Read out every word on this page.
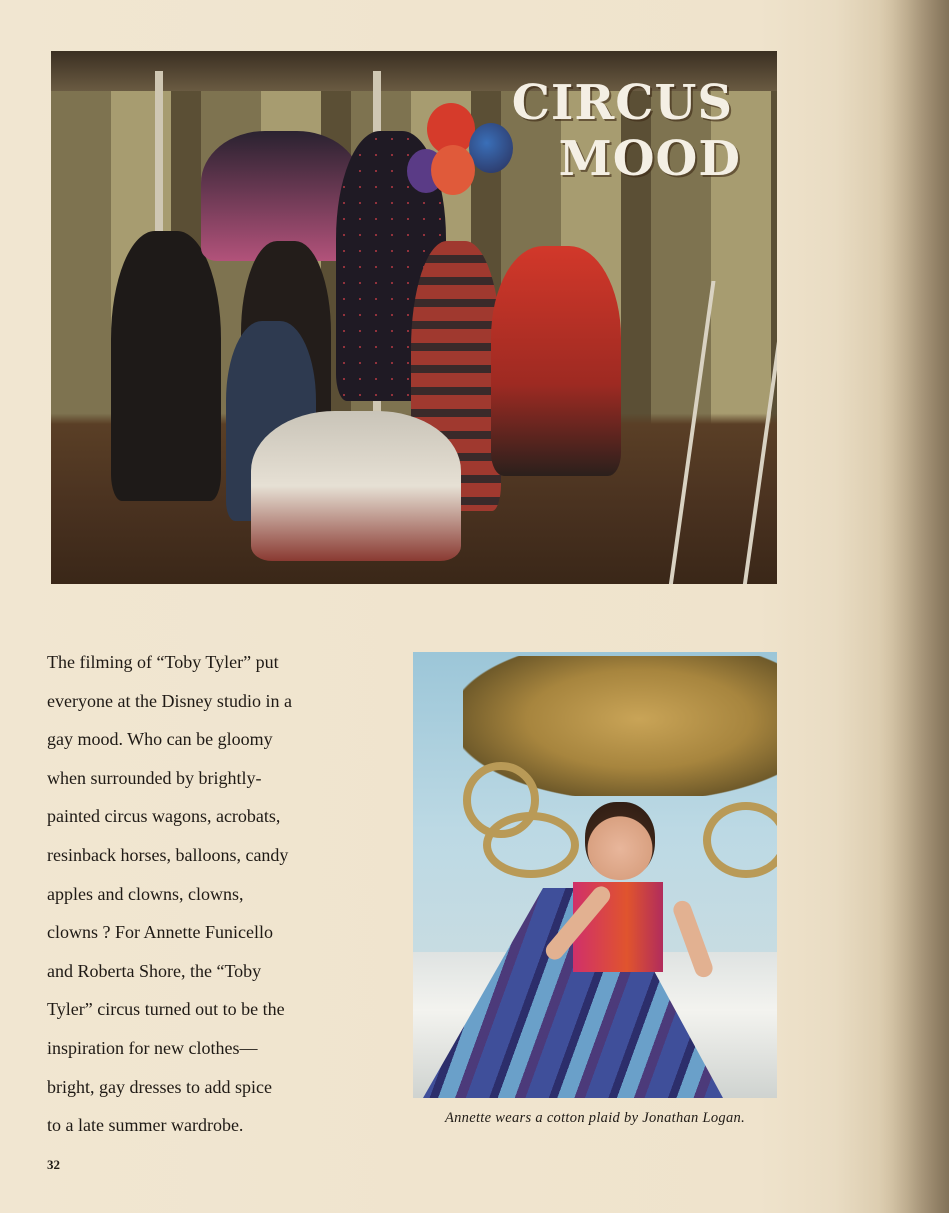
CIRCUS
MOOD
The filming of “Toby Tyler” put
everyone at the Disney studio in a
gay mood. Who can be gloomy
when surrounded by brightly-
painted circus wagons, acrobats,
resinback horses, balloons, candy
apples and clowns, clowns,
clowns ? For Annette Funicello
and Roberta Shore, the “Toby
Tyler” circus turned out to be the
inspiration for new clothes—
bright, gay dresses to add spice
to a late summer wardrobe.	Annette wears a cotton plaid by Jonathan Logan.
32
